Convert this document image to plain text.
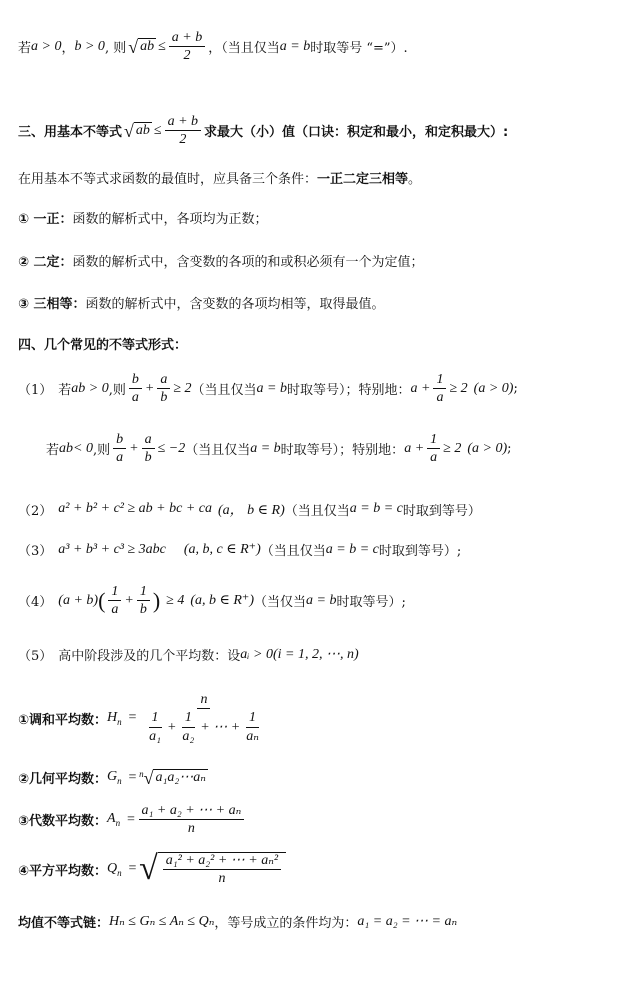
若 a > 0 ， b > 0 , 则 √ ab ≤ $\frac{a + b}{2}$ ，（当且仅当 a = b 时取等号 “=”）.
三、用基本不等式 √ ab ≤ $\frac{a + b}{2}$ 求最大（小）值（口诀：积定和最小，和定积最大）:
在用基本不等式求函数的最值时，应具备三个条件： 一正二定三相等 。
① 一正： 函数的解析式中，各项均为正数；
② 二定： 函数的解析式中，含变数的各项的和或积必须有一个为定值；
③ 三相等： 函数的解析式中，含变数的各项均相等，取得最值。
四、几个常见的不等式形式：
（1） 若 ab > 0 ,则 $\frac{b}{a} + \frac{a}{b} \ge 2$ （当且仅当 a = b 时取等号）；特别地： $a + \frac{1}{a} \ge 2$ (a > 0) ;
若 ab< 0 ,则 $\frac{b}{a} + \frac{a}{b} \le -2$ （当且仅当 a = b 时取等号）；特别地： $a + \frac{1}{a} \ge 2$ (a > 0) ;
（2） a² + b² + c² ≥ ab + bc + ca (a， b ∈ R) （当且仅当 a = b = c 时取到等号）
（3） a³ + b³ + c³ ≥ 3abc (a, b, c ∈ R⁺) （当且仅当 a = b = c 时取到等号）;
（4） (a + b) ( $\frac{1}{a} + \frac{1}{b}$ ) ≥ 4 (a, b ∈ R⁺) （当仅当 a = b 时取等号）;
（5） 高中阶段涉及的几个平均数：设 aᵢ > 0(i = 1, 2, ⋯, n)
①调和平均数： $H_n = \frac{n}{\frac{1}{\text{a₁}} + \frac{1}{\text{a₂}} + \cdots + \frac{1}{\text{aₙ}}}$
②几何平均数： $G_n = n$ √ a₁a₂⋯aₙ
③代数平均数： $A_n = \frac{\text{a₁ + a₂ + ⋯ + aₙ}}{n}$
④平方平均数： $Q_n$ = √ $\frac{\text{a₁² + a₂² + ⋯ + aₙ²}}{n}$
均值不等式链： Hₙ ≤ Gₙ ≤ Aₙ ≤ Qₙ ，等号成立的条件均为： a₁ = a₂ = ⋯ = aₙ
